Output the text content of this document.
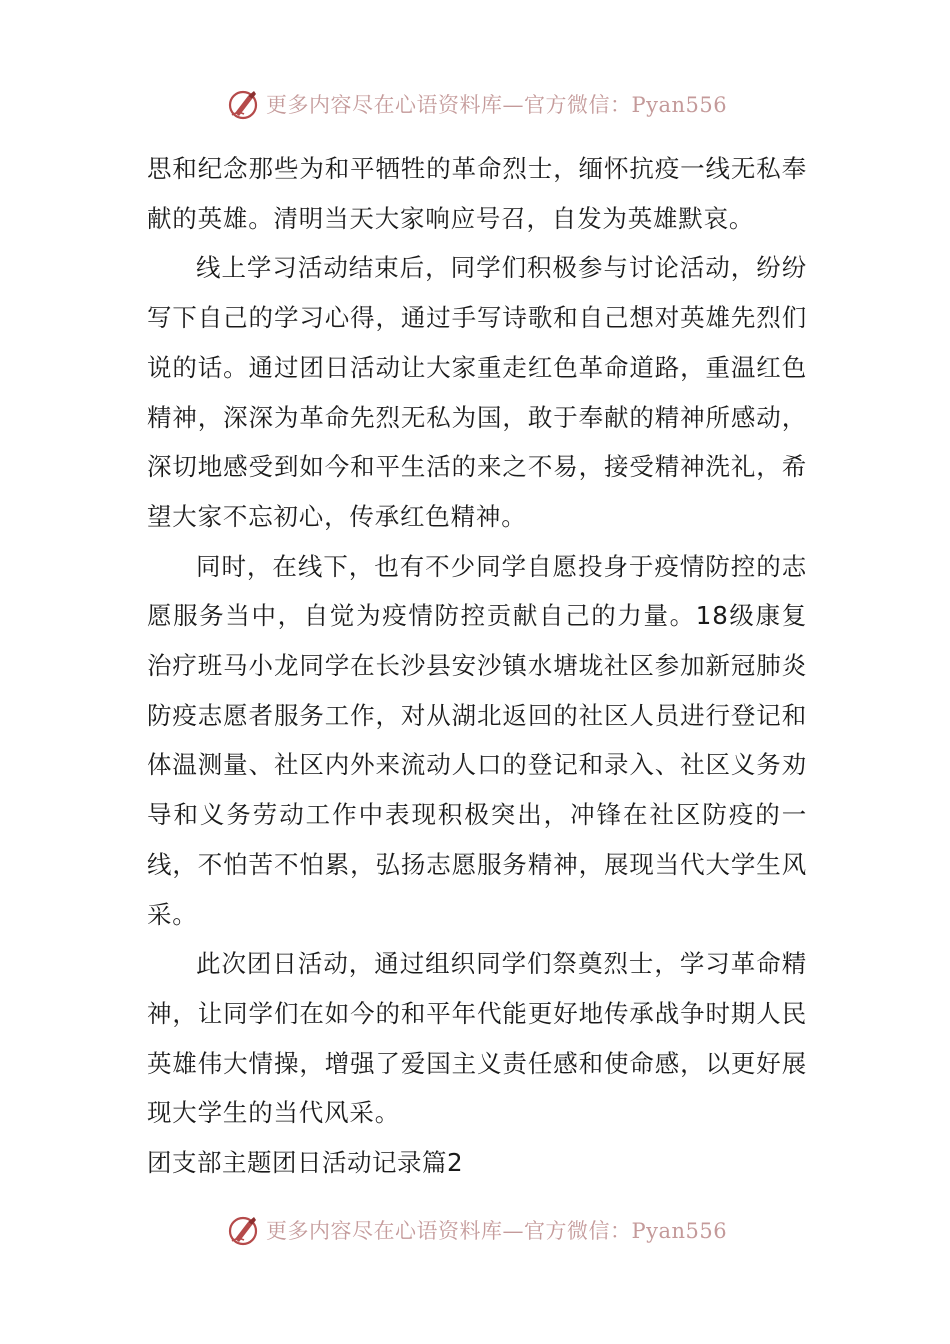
更多内容尽在心语资料库—官方微信：Pyan556

思和纪念那些为和平牺牲的革命烈士，缅怀抗疫一线无私奉献的英雄。清明当天大家响应号召，自发为英雄默哀。

线上学习活动结束后，同学们积极参与讨论活动，纷纷写下自己的学习心得，通过手写诗歌和自己想对英雄先烈们说的话。通过团日活动让大家重走红色革命道路，重温红色精神，深深为革命先烈无私为国，敢于奉献的精神所感动，深切地感受到如今和平生活的来之不易，接受精神洗礼，希望大家不忘初心，传承红色精神。

同时，在线下，也有不少同学自愿投身于疫情防控的志愿服务当中，自觉为疫情防控贡献自己的力量。18级康复治疗班马小龙同学在长沙县安沙镇水塘垅社区参加新冠肺炎防疫志愿者服务工作，对从湖北返回的社区人员进行登记和体温测量、社区内外来流动人口的登记和录入、社区义务劝导和义务劳动工作中表现积极突出，冲锋在社区防疫的一线，不怕苦不怕累，弘扬志愿服务精神，展现当代大学生风采。

此次团日活动，通过组织同学们祭奠烈士，学习革命精神，让同学们在如今的和平年代能更好地传承战争时期人民英雄伟大情操，增强了爱国主义责任感和使命感，以更好展现大学生的当代风采。

团支部主题团日活动记录篇2

更多内容尽在心语资料库—官方微信：Pyan556
